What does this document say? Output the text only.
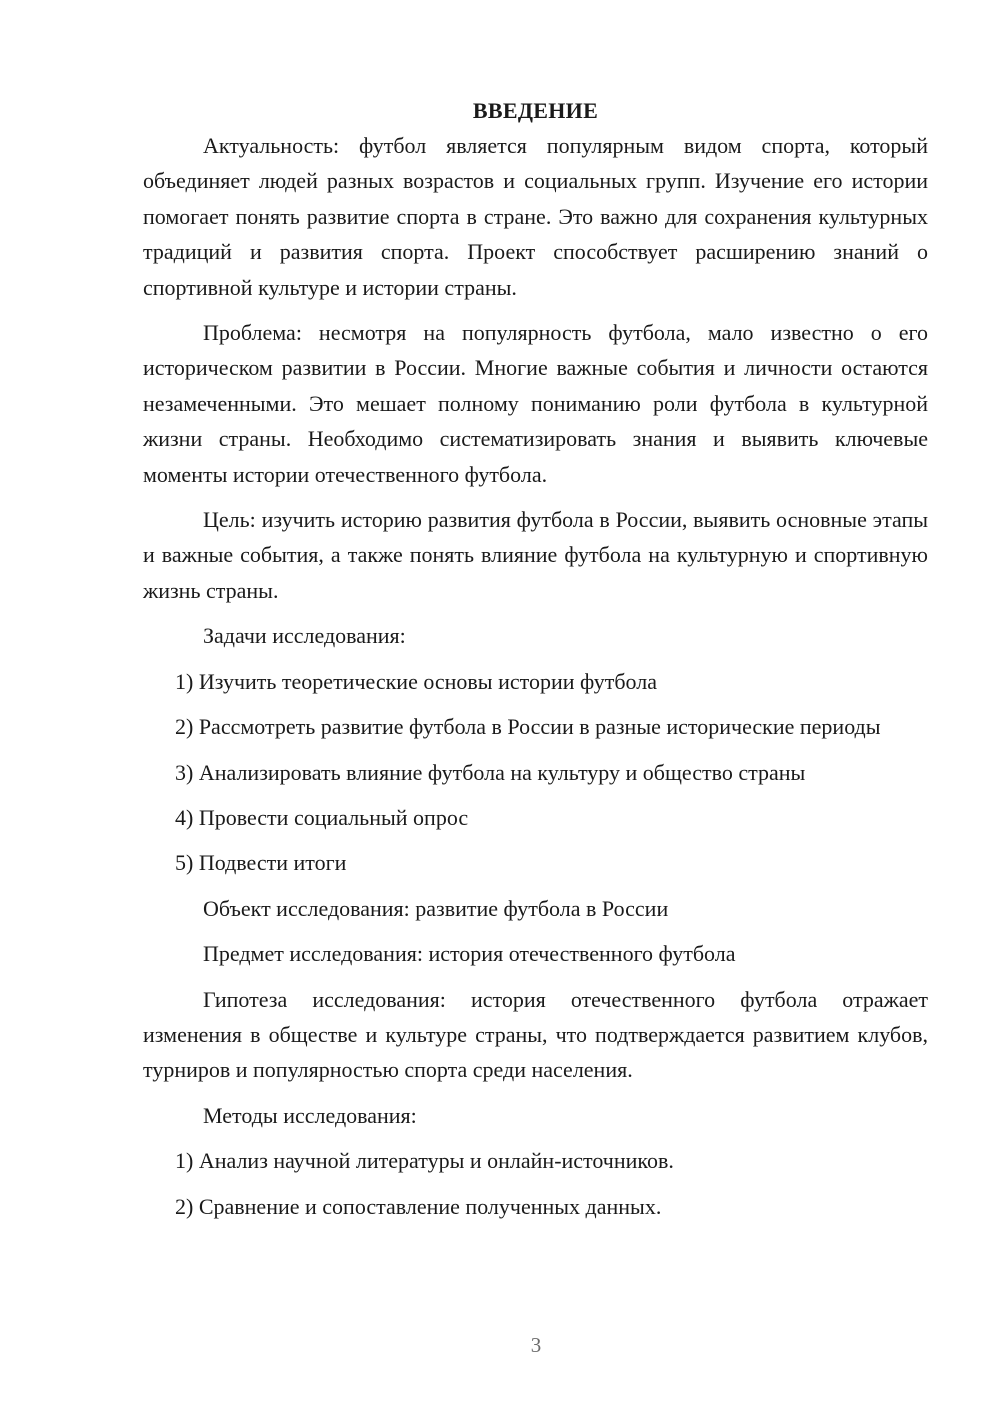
ВВЕДЕНИЕ

Актуальность: футбол является популярным видом спорта, который объединяет людей разных возрастов и социальных групп. Изучение его истории помогает понять развитие спорта в стране. Это важно для сохранения культурных традиций и развития спорта. Проект способствует расширению знаний о спортивной культуре и истории страны.

Проблема: несмотря на популярность футбола, мало известно о его историческом развитии в России. Многие важные события и личности остаются незамеченными. Это мешает полному пониманию роли футбола в культурной жизни страны. Необходимо систематизировать знания и выявить ключевые моменты истории отечественного футбола.

Цель: изучить историю развития футбола в России, выявить основные этапы и важные события, а также понять влияние футбола на культурную и спортивную жизнь страны.

Задачи исследования:

1) Изучить теоретические основы истории футбола

2) Рассмотреть развитие футбола в России в разные исторические периоды

3) Анализировать влияние футбола на культуру и общество страны

4) Провести социальный опрос

5) Подвести итоги

Объект исследования: развитие футбола в России

Предмет исследования: история отечественного футбола

Гипотеза исследования: история отечественного футбола отражает изменения в обществе и культуре страны, что подтверждается развитием клубов, турниров и популярностью спорта среди населения.

Методы исследования:

1) Анализ научной литературы и онлайн-источников.

2) Сравнение и сопоставление полученных данных.

3
